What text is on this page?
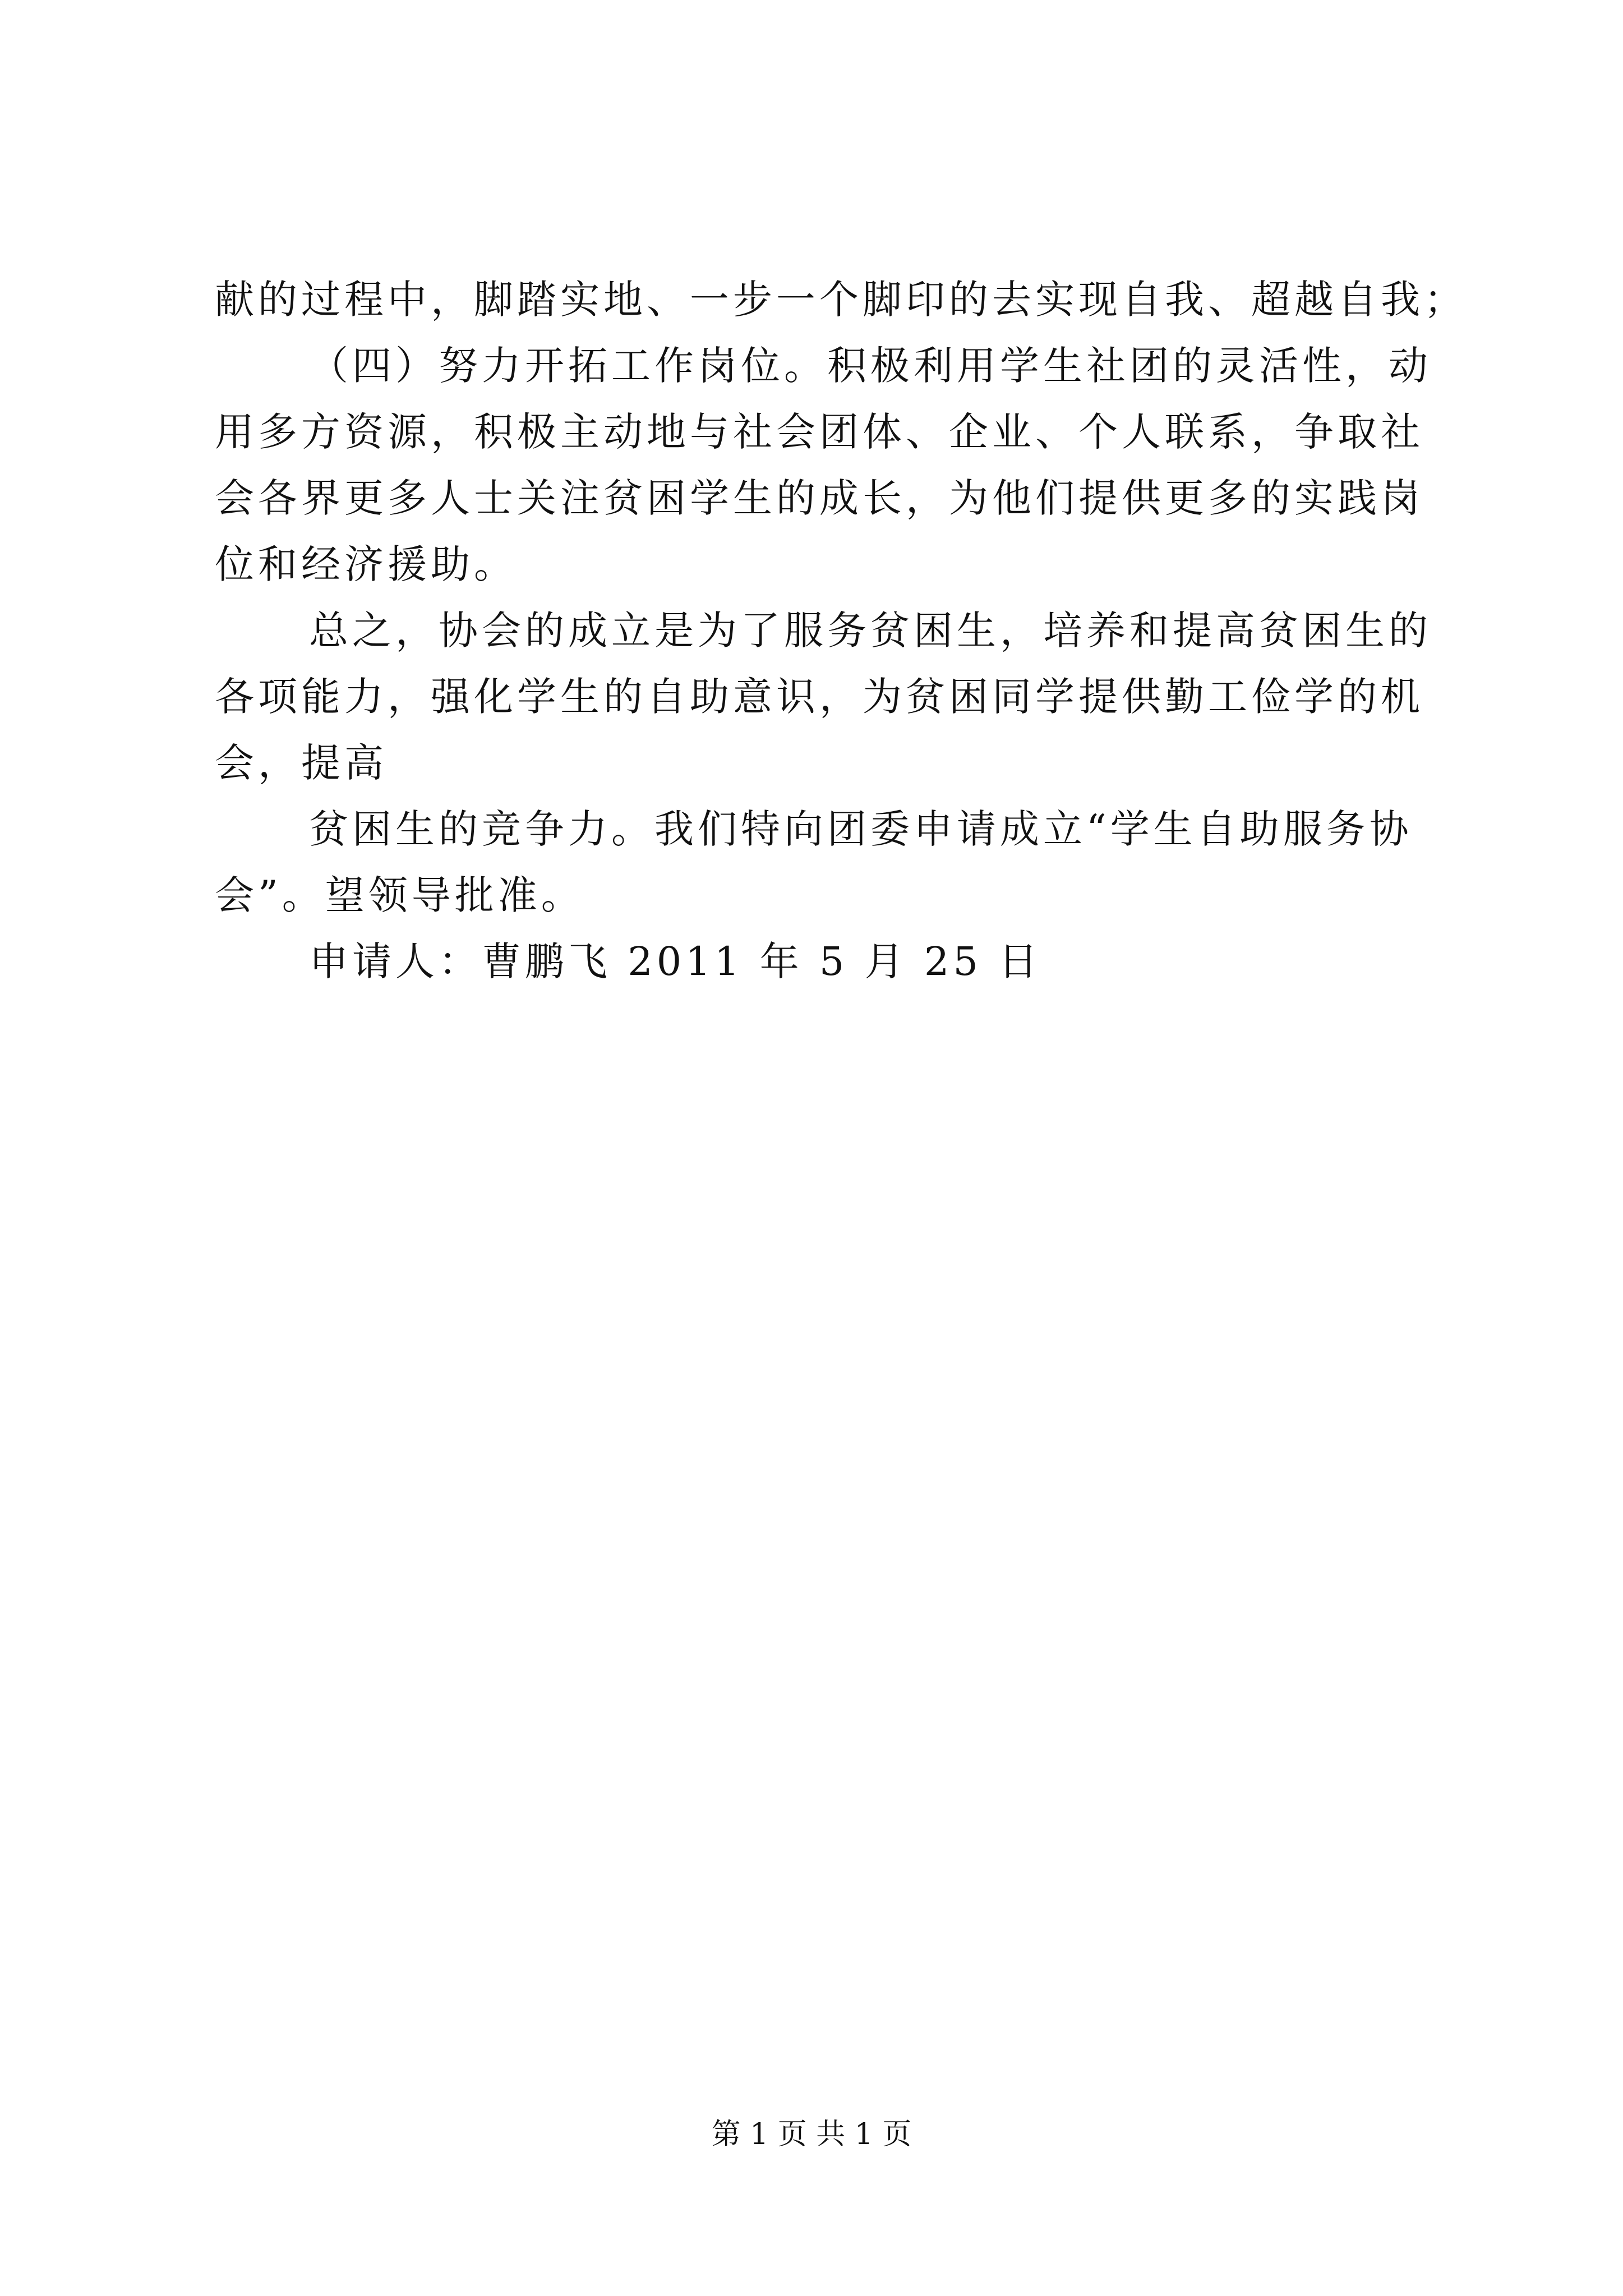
献的过程中，脚踏实地、一步一个脚印的去实现自我、超越自我；

（四）努力开拓工作岗位。积极利用学生社团的灵活性，动

用多方资源，积极主动地与社会团体、企业、个人联系，争取社

会各界更多人士关注贫困学生的成长，为他们提供更多的实践岗

位和经济援助。

总之，协会的成立是为了服务贫困生，培养和提高贫困生的

各项能力，强化学生的自助意识，为贫困同学提供勤工俭学的机

会，提高

贫困生的竞争力。我们特向团委申请成立“学生自助服务协

会”。望领导批准。

申请人：曹鹏飞 2011 年 5 月 25 日

第 1 页 共 1 页
